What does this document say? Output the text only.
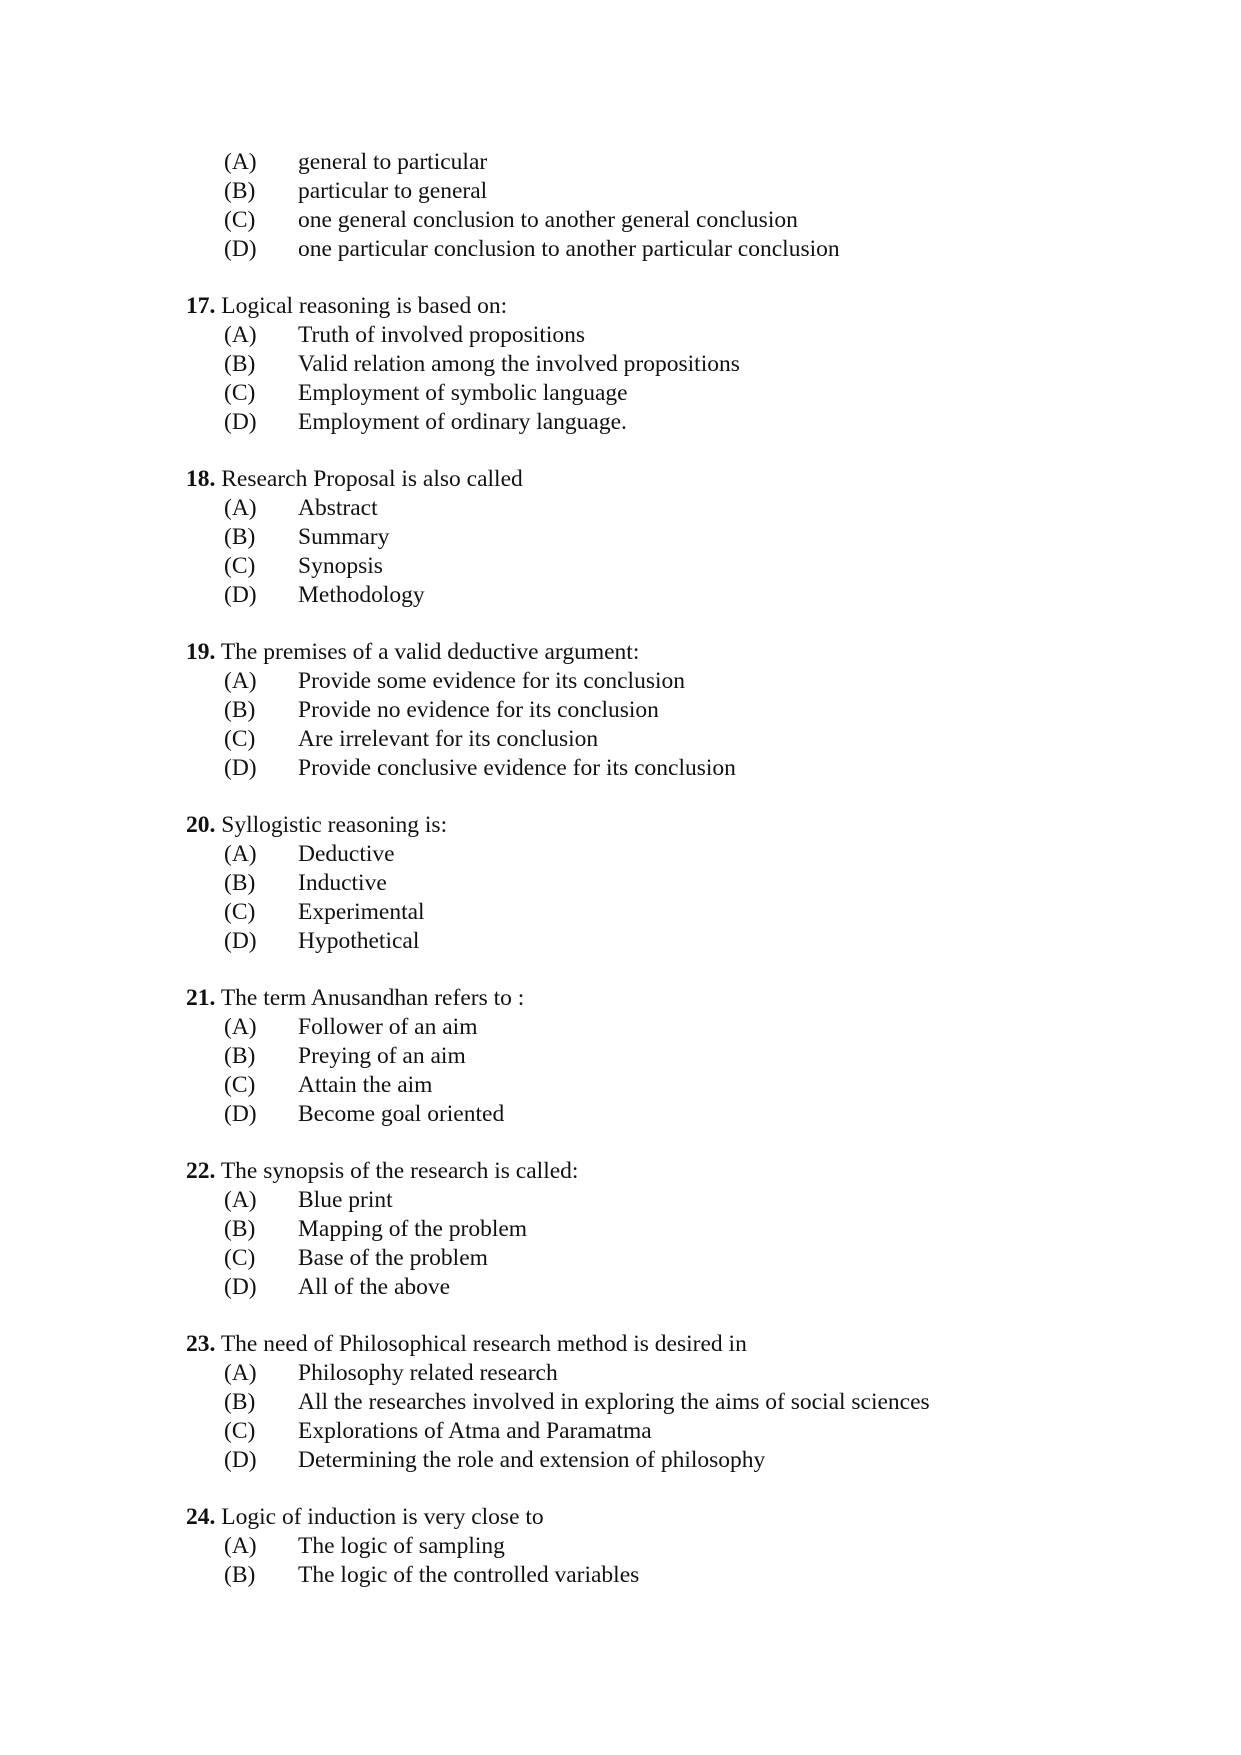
(A)	general to particular
(B)	particular to general
(C)	one general conclusion to another general conclusion
(D)	one particular conclusion to another particular conclusion
17. Logical reasoning is based on:
(A)	Truth of involved propositions
(B)	Valid relation among the involved propositions
(C)	Employment of symbolic language
(D)	Employment of ordinary language.
18. Research Proposal is also called
(A)	Abstract
(B)	Summary
(C)	Synopsis
(D)	Methodology
19. The premises of a valid deductive argument:
(A)	Provide some evidence for its conclusion
(B)	Provide no evidence for its conclusion
(C)	Are irrelevant for its conclusion
(D)	Provide conclusive evidence for its conclusion
20. Syllogistic reasoning is:
(A)	Deductive
(B)	Inductive
(C)	Experimental
(D)	Hypothetical
21. The term Anusandhan refers to :
(A)	Follower of an aim
(B)	Preying of an aim
(C)	Attain the aim
(D)	Become goal oriented
22. The synopsis of the research is called:
(A)	Blue print
(B)	Mapping of the problem
(C)	Base of the problem
(D)	All of the above
23. The need of Philosophical research method is desired in
(A)	Philosophy related research
(B)	All the researches involved in exploring the aims of social sciences
(C)	Explorations of Atma and Paramatma
(D)	Determining the role and extension of philosophy
24. Logic of induction is very close to
(A)	The logic of sampling
(B)	The logic of the controlled variables
